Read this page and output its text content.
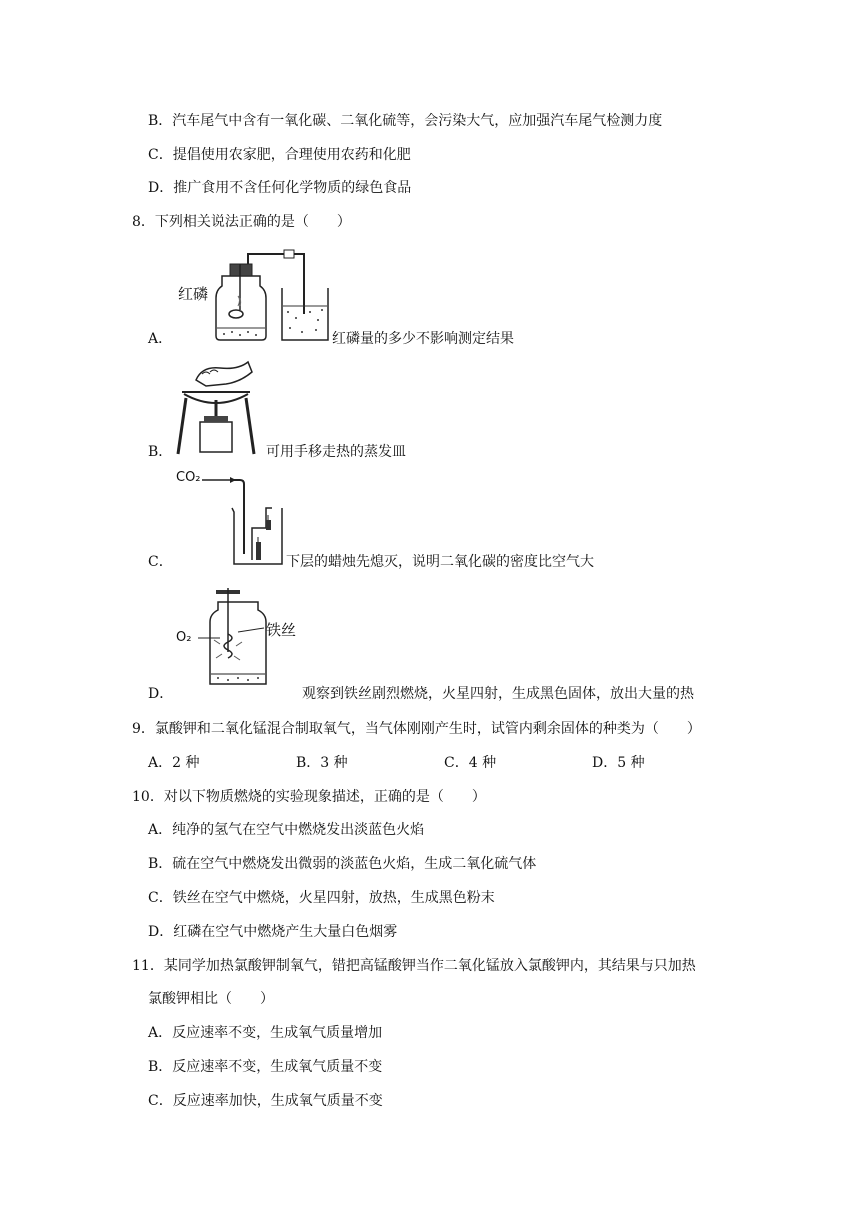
B．汽车尾气中含有一氧化碳、二氧化硫等，会污染大气，应加强汽车尾气检测力度
C．提倡使用农家肥，合理使用农药和化肥
D．推广食用不含任何化学物质的绿色食品
8．下列相关说法正确的是（　　）
红磷
A．	红磷量的多少不影响测定结果
B．	可用手移走热的蒸发皿
CO₂
C．	下层的蜡烛先熄灭，说明二氧化碳的密度比空气大
O₂	铁丝
D．	观察到铁丝剧烈燃烧，火星四射，生成黑色固体，放出大量的热
9．氯酸钾和二氧化锰混合制取氧气，当气体刚刚产生时，试管内剩余固体的种类为（　　）
A．2 种	B．3 种	C．4 种	D．5 种
10．对以下物质燃烧的实验现象描述，正确的是（　　）
A．纯净的氢气在空气中燃烧发出淡蓝色火焰
B．硫在空气中燃烧发出微弱的淡蓝色火焰，生成二氧化硫气体
C．铁丝在空气中燃烧，火星四射，放热，生成黑色粉末
D．红磷在空气中燃烧产生大量白色烟雾
11．某同学加热氯酸钾制氧气，错把高锰酸钾当作二氧化锰放入氯酸钾内，其结果与只加热
氯酸钾相比（　　）
A．反应速率不变，生成氧气质量增加
B．反应速率不变，生成氧气质量不变
C．反应速率加快，生成氧气质量不变
